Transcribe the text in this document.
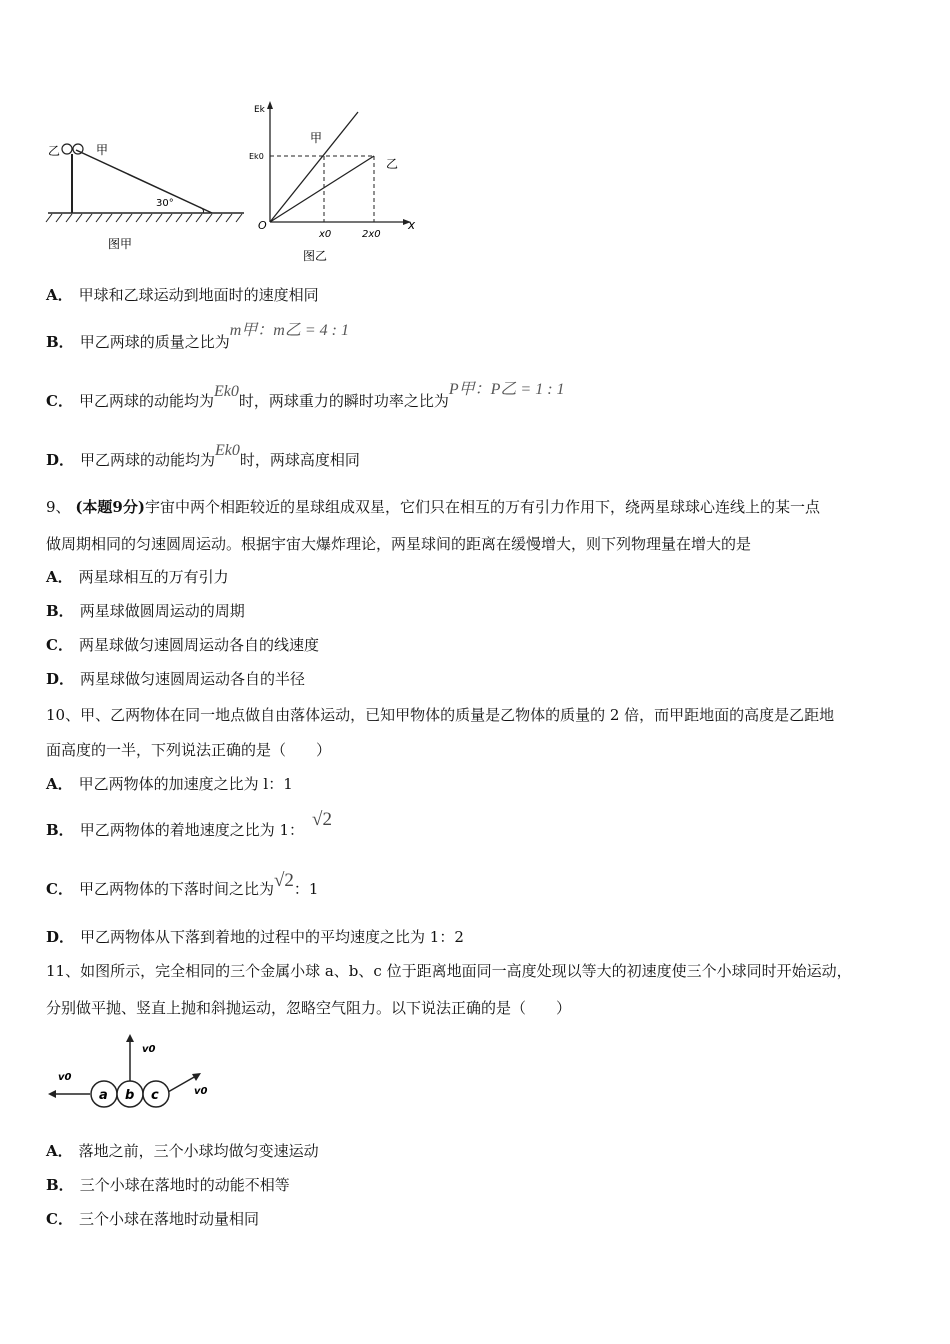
乙	甲
30°
图甲
Ek
Ek0
O
x0	2x0
x
甲
乙
图乙
A． 甲球和乙球运动到地面时的速度相同
B． 甲乙两球的质量之比为m甲：m乙 = 4 : 1
C． 甲乙两球的动能均为Ek0时，两球重力的瞬时功率之比为P甲：P乙 = 1 : 1
D． 甲乙两球的动能均为Ek0时，两球高度相同
9、 (本题9分)宇宙中两个相距较近的星球组成双星，它们只在相互的万有引力作用下，绕两星球球心连线上的某一点
做周期相同的匀速圆周运动。根据宇宙大爆炸理论，两星球间的距离在缓慢增大，则下列物理量在增大的是
A． 两星球相互的万有引力
B． 两星球做圆周运动的周期
C． 两星球做匀速圆周运动各自的线速度
D． 两星球做匀速圆周运动各自的半径
10、甲、乙两物体在同一地点做自由落体运动，已知甲物体的质量是乙物体的质量的 2 倍，而甲距地面的高度是乙距地
面高度的一半，下列说法正确的是（　　）
A． 甲乙两物体的加速度之比为 l：1
B． 甲乙两物体的着地速度之比为 1： √2
C． 甲乙两物体的下落时间之比为√2：1
D． 甲乙两物体从下落到着地的过程中的平均速度之比为 1：2
11、如图所示，完全相同的三个金属小球 a、b、c 位于距离地面同一高度处现以等大的初速度使三个小球同时开始运动，
分别做平抛、竖直上抛和斜抛运动，忽略空气阻力。以下说法正确的是（　　）
a b c
v0
v0
v0
A． 落地之前，三个小球均做匀变速运动
B． 三个小球在落地时的动能不相等
C． 三个小球在落地时动量相同
